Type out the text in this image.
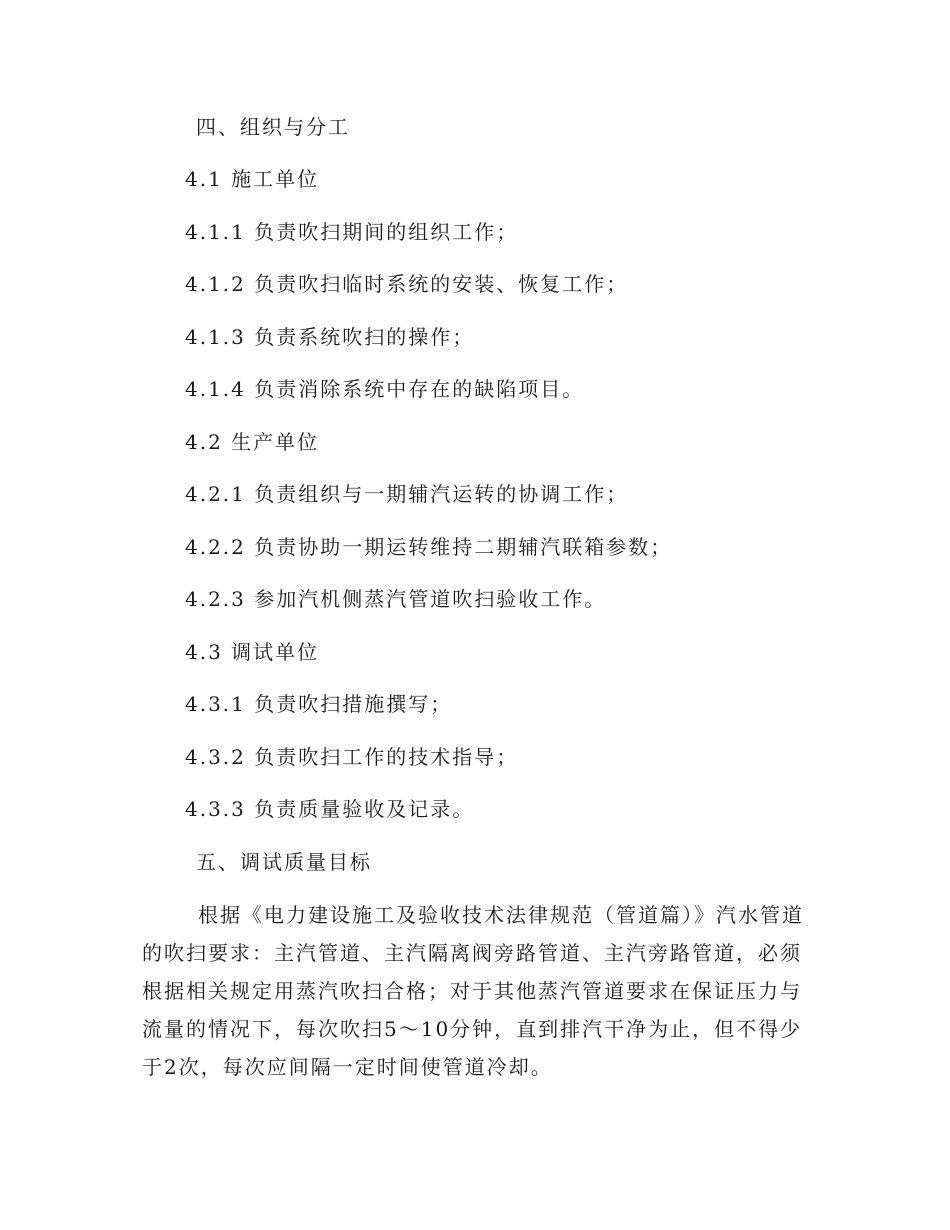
四、组织与分工
4.1 施工单位
4.1.1 负责吹扫期间的组织工作；
4.1.2 负责吹扫临时系统的安装、恢复工作；
4.1.3 负责系统吹扫的操作；
4.1.4 负责消除系统中存在的缺陷项目。
4.2 生产单位
4.2.1 负责组织与一期辅汽运转的协调工作；
4.2.2 负责协助一期运转维持二期辅汽联箱参数；
4.2.3 参加汽机侧蒸汽管道吹扫验收工作。
4.3 调试单位
4.3.1 负责吹扫措施撰写；
4.3.2 负责吹扫工作的技术指导；
4.3.3 负责质量验收及记录。
五、调试质量目标
根据《电力建设施工及验收技术法律规范（管道篇）》汽水管道
的吹扫要求：主汽管道、主汽隔离阀旁路管道、主汽旁路管道，必须
根据相关规定用蒸汽吹扫合格；对于其他蒸汽管道要求在保证压力与
流量的情况下，每次吹扫5～10分钟，直到排汽干净为止，但不得少
于2次，每次应间隔一定时间使管道冷却。
